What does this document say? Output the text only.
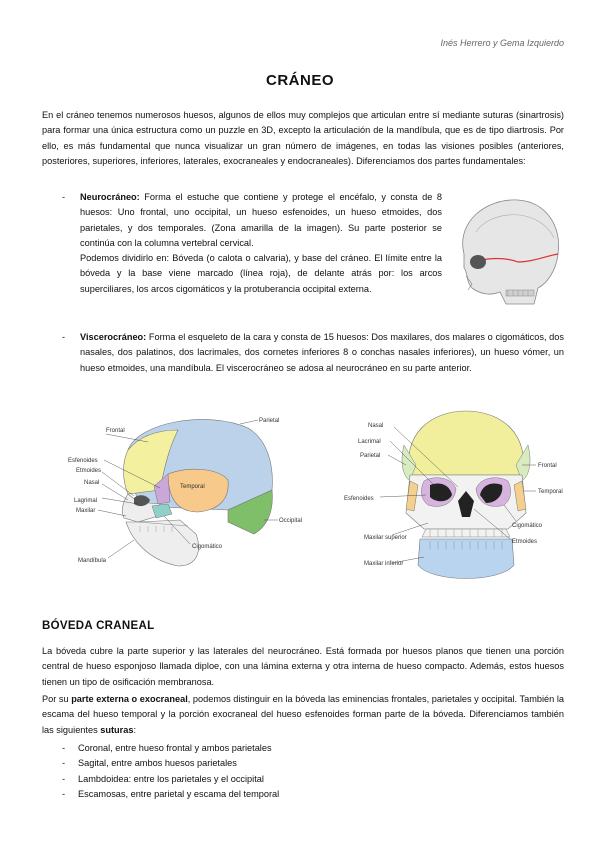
Inés Herrero y Gema Izquierdo
CRÁNEO

En el cráneo tenemos numerosos huesos, algunos de ellos muy complejos que articulan entre sí mediante suturas (sinartrosis) para formar una única estructura como un puzzle en 3D, excepto la articulación de la mandíbula, que es de tipo diartrosis. Por ello, es más fundamental que nunca visualizar un gran número de imágenes, en todas las visiones posibles (anteriores, posteriores, superiores, inferiores, laterales, exocraneales y endocraneales). Diferenciamos dos partes fundamentales:

- Neurocráneo: Forma el estuche que contiene y protege el encéfalo, y consta de 8 huesos: Uno frontal, uno occipital, un hueso esfenoides, un hueso etmoides, dos parietales, y dos temporales. (Zona amarilla de la imagen). Su parte posterior se continúa con la columna vertebral cervical.

Podemos dividirlo en: Bóveda (o calota o calvaria), y base del cráneo. El límite entre la bóveda y la base viene marcado (línea roja), de delante atrás por: los arcos superciliares, los arcos cigomáticos y la protuberancia occipital externa.

- Viscerocráneo: Forma el esqueleto de la cara y consta de 15 huesos: Dos maxilares, dos malares o cigomáticos, dos nasales, dos palatinos, dos lacrimales, dos cornetes inferiores 8 o conchas nasales inferiores), un hueso vómer, un hueso etmoides, una mandíbula. El viscerocráneo se adosa al neurocráneo en su parte anterior.

Parietal
Frontal
Esfenoides
Etmoides
Nasal
Temporal
Lagrimal
Maxilar
Occipital
Cigomático
Mandíbula
Nasal
Lacrimal
Parietal
Frontal
Temporal
Esfenoides
Cigomático
Etmoides
Maxilar superior
Maxilar inferior
BÓVEDA CRANEAL

La bóveda cubre la parte superior y las laterales del neurocráneo. Está formada por huesos planos que tienen una porción central de hueso esponjoso llamada diploe, con una lámina externa y otra interna de hueso compacto. Además, estos huesos tienen un tipo de osificación membranosa.

Por su parte externa o exocraneal, podemos distinguir en la bóveda las eminencias frontales, parietales y occipital. También la escama del hueso temporal y la porción exocraneal del hueso esfenoides forman parte de la bóveda. Diferenciamos también las siguientes suturas:

- Coronal, entre hueso frontal y ambos parietales
- Sagital, entre ambos huesos parietales
- Lambdoidea: entre los parietales y el occipital
- Escamosas, entre parietal y escama del temporal
